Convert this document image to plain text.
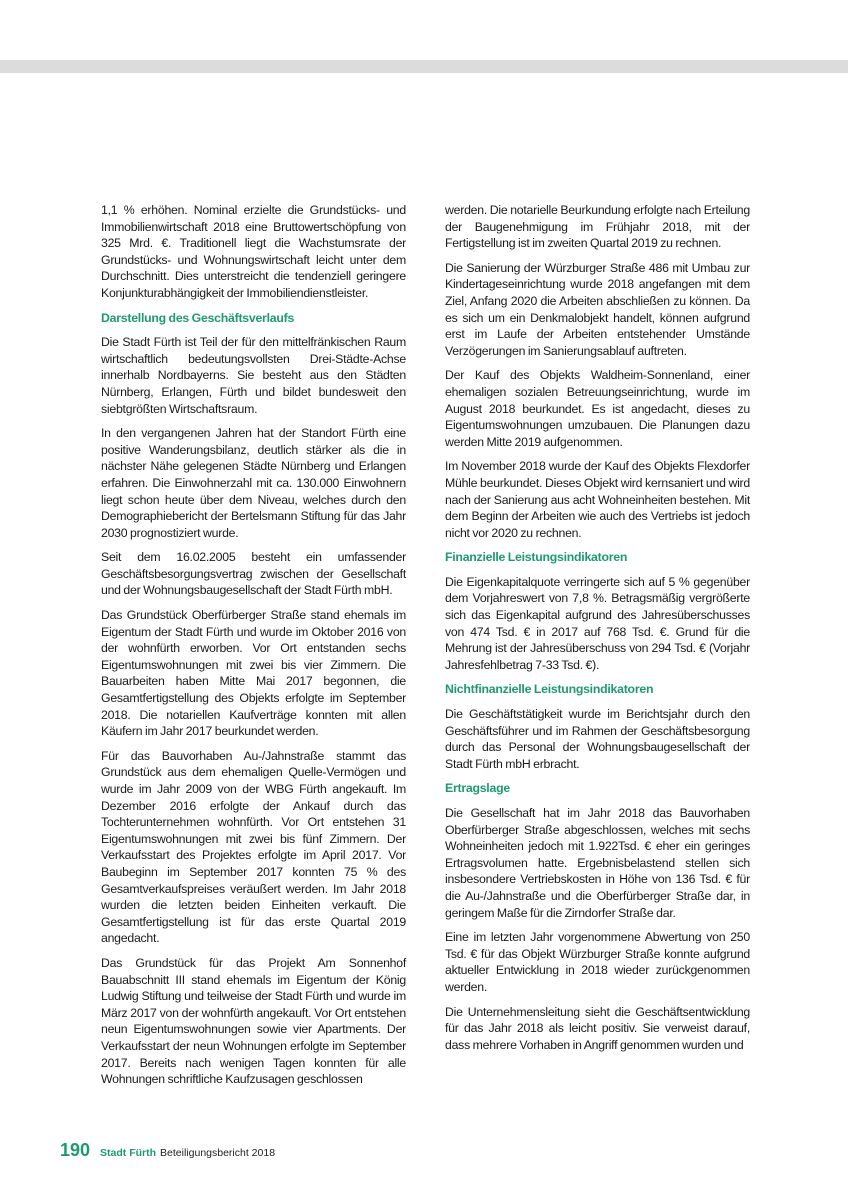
1,1 % erhöhen. Nominal erzielte die Grundstücks- und Immobilienwirtschaft 2018 eine Bruttowertschöpfung von 325 Mrd. €. Traditionell liegt die Wachstumsrate der Grundstücks- und Wohnungswirtschaft leicht unter dem Durchschnitt. Dies unterstreicht die tendenziell geringere Konjunkturabhängigkeit der Immobiliendienstleister.

Darstellung des Geschäftsverlaufs

Die Stadt Fürth ist Teil der für den mittelfränkischen Raum wirtschaftlich bedeutungsvollsten Drei-Städte-Achse innerhalb Nordbayerns. Sie besteht aus den Städten Nürnberg, Erlangen, Fürth und bildet bundesweit den siebtgrößten Wirtschaftsraum.

In den vergangenen Jahren hat der Standort Fürth eine positive Wanderungsbilanz, deutlich stärker als die in nächster Nähe gelegenen Städte Nürnberg und Erlangen erfahren. Die Einwohnerzahl mit ca. 130.000 Einwohnern liegt schon heute über dem Niveau, welches durch den Demographiebericht der Bertelsmann Stiftung für das Jahr 2030 prognostiziert wurde.

Seit dem 16.02.2005 besteht ein umfassender Geschäftsbesorgungsvertrag zwischen der Gesellschaft und der Wohnungsbaugesellschaft der Stadt Fürth mbH.

Das Grundstück Oberfürberger Straße stand ehemals im Eigentum der Stadt Fürth und wurde im Oktober 2016 von der wohnfürth erworben. Vor Ort entstanden sechs Eigentumswohnungen mit zwei bis vier Zimmern. Die Bauarbeiten haben Mitte Mai 2017 begonnen, die Gesamtfertigstellung des Objekts erfolgte im September 2018. Die notariellen Kaufverträge konnten mit allen Käufern im Jahr 2017 beurkundet werden.

Für das Bauvorhaben Au-/Jahnstraße stammt das Grundstück aus dem ehemaligen Quelle-Vermögen und wurde im Jahr 2009 von der WBG Fürth angekauft. Im Dezember 2016 erfolgte der Ankauf durch das Tochterunternehmen wohnfürth. Vor Ort entstehen 31 Eigentumswohnungen mit zwei bis fünf Zimmern. Der Verkaufsstart des Projektes erfolgte im April 2017. Vor Baubeginn im September 2017 konnten 75 % des Gesamtverkaufspreises veräußert werden. Im Jahr 2018 wurden die letzten beiden Einheiten verkauft. Die Gesamtfertigstellung ist für das erste Quartal 2019 angedacht.

Das Grundstück für das Projekt Am Sonnenhof Bauabschnitt III stand ehemals im Eigentum der König Ludwig Stiftung und teilweise der Stadt Fürth und wurde im März 2017 von der wohnfürth angekauft. Vor Ort entstehen neun Eigentumswohnungen sowie vier Apartments. Der Verkaufsstart der neun Wohnungen erfolgte im September 2017. Bereits nach wenigen Tagen konnten für alle Wohnungen schriftliche Kaufzusagen geschlossen

werden. Die notarielle Beurkundung erfolgte nach Erteilung der Baugenehmigung im Frühjahr 2018, mit der Fertigstellung ist im zweiten Quartal 2019 zu rechnen.

Die Sanierung der Würzburger Straße 486 mit Umbau zur Kindertageseinrichtung wurde 2018 angefangen mit dem Ziel, Anfang 2020 die Arbeiten abschließen zu können. Da es sich um ein Denkmalobjekt handelt, können aufgrund erst im Laufe der Arbeiten entstehender Umstände Verzögerungen im Sanierungsablauf auftreten.

Der Kauf des Objekts Waldheim-Sonnenland, einer ehemaligen sozialen Betreuungseinrichtung, wurde im August 2018 beurkundet. Es ist angedacht, dieses zu Eigentumswohnungen umzubauen. Die Planungen dazu werden Mitte 2019 aufgenommen.

Im November 2018 wurde der Kauf des Objekts Flexdorfer Mühle beurkundet. Dieses Objekt wird kernsaniert und wird nach der Sanierung aus acht Wohneinheiten bestehen. Mit dem Beginn der Arbeiten wie auch des Vertriebs ist jedoch nicht vor 2020 zu rechnen.

Finanzielle Leistungsindikatoren

Die Eigenkapitalquote verringerte sich auf 5 % gegenüber dem Vorjahreswert von 7,8 %. Betragsmäßig vergrößerte sich das Eigenkapital aufgrund des Jahresüberschusses von 474 Tsd. € in 2017 auf 768 Tsd. €. Grund für die Mehrung ist der Jahresüberschuss von 294 Tsd. € (Vorjahr Jahresfehlbetrag 7-33 Tsd. €).

Nichtfinanzielle Leistungsindikatoren

Die Geschäftstätigkeit wurde im Berichtsjahr durch den Geschäftsführer und im Rahmen der Geschäftsbesorgung durch das Personal der Wohnungsbaugesellschaft der Stadt Fürth mbH erbracht.

Ertragslage

Die Gesellschaft hat im Jahr 2018 das Bauvorhaben Oberfürberger Straße abgeschlossen, welches mit sechs Wohneinheiten jedoch mit 1.922Tsd. € eher ein geringes Ertragsvolumen hatte. Ergebnisbelastend stellen sich insbesondere Vertriebskosten in Höhe von 136 Tsd. € für die Au-/Jahnstraße und die Oberfürberger Straße dar, in geringem Maße für die Zirndorfer Straße dar.

Eine im letzten Jahr vorgenommene Abwertung von 250 Tsd. € für das Objekt Würzburger Straße konnte aufgrund aktueller Entwicklung in 2018 wieder zurückgenommen werden.

Die Unternehmensleitung sieht die Geschäftsentwicklung für das Jahr 2018 als leicht positiv. Sie verweist darauf, dass mehrere Vorhaben in Angriff genommen wurden und

190 Stadt Fürth Beteiligungsbericht 2018
